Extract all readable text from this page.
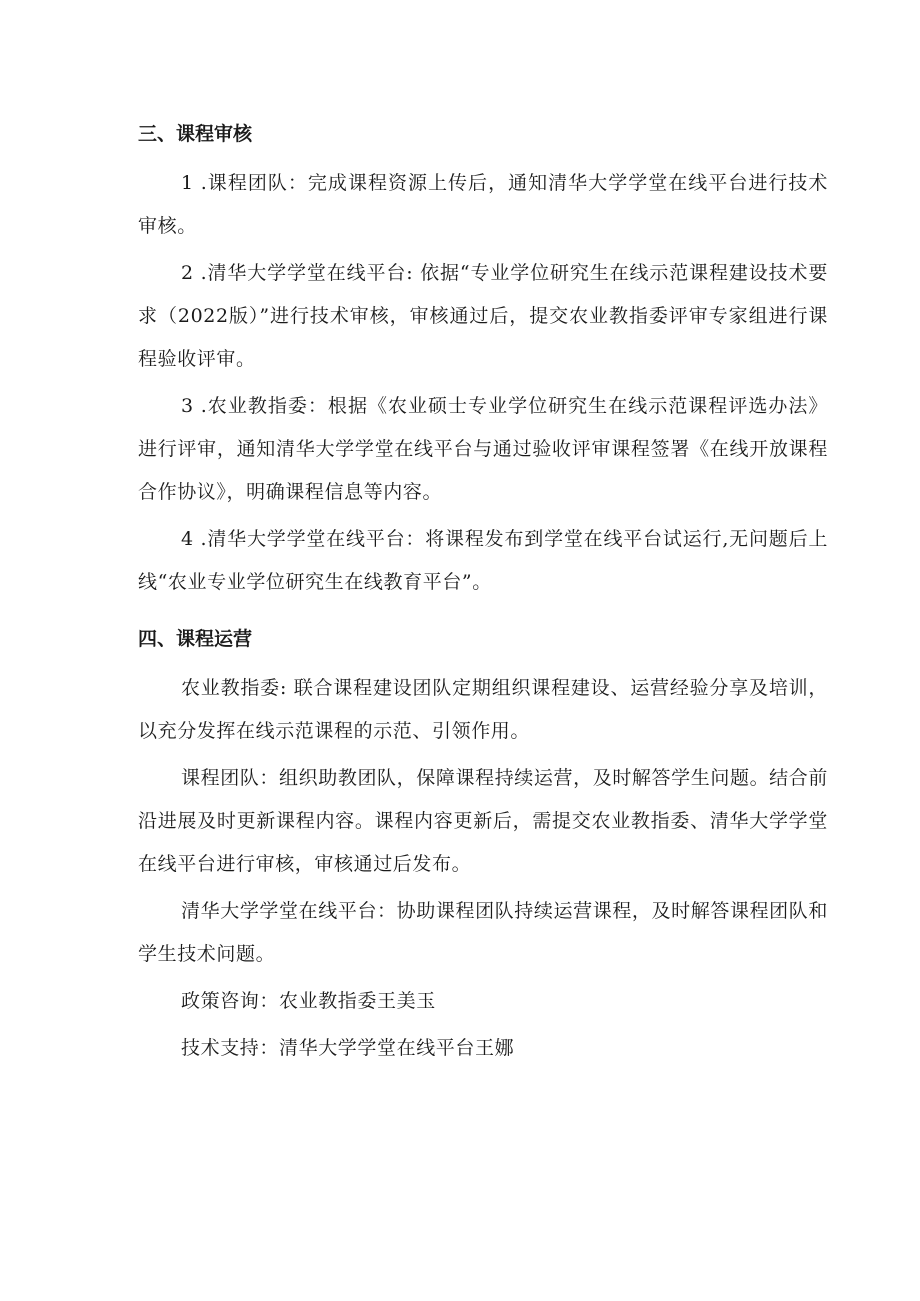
三、课程审核

1 .课程团队：完成课程资源上传后，通知清华大学学堂在线平台进行技术审核。

2 .清华大学学堂在线平台: 依据“专业学位研究生在线示范课程建设技术要求（2022版）”进行技术审核，审核通过后，提交农业教指委评审专家组进行课程验收评审。

3 .农业教指委：根据《农业硕士专业学位研究生在线示范课程评选办法》进行评审，通知清华大学学堂在线平台与通过验收评审课程签署《在线开放课程合作协议》，明确课程信息等内容。

4 .清华大学学堂在线平台：将课程发布到学堂在线平台试运行,无问题后上线“农业专业学位研究生在线教育平台”。

四、课程运营

农业教指委: 联合课程建设团队定期组织课程建设、运营经验分享及培训，以充分发挥在线示范课程的示范、引领作用。

课程团队：组织助教团队，保障课程持续运营，及时解答学生问题。结合前沿进展及时更新课程内容。课程内容更新后，需提交农业教指委、清华大学学堂在线平台进行审核，审核通过后发布。

清华大学学堂在线平台：协助课程团队持续运营课程，及时解答课程团队和学生技术问题。

政策咨询：农业教指委王美玉

技术支持：清华大学学堂在线平台王娜
